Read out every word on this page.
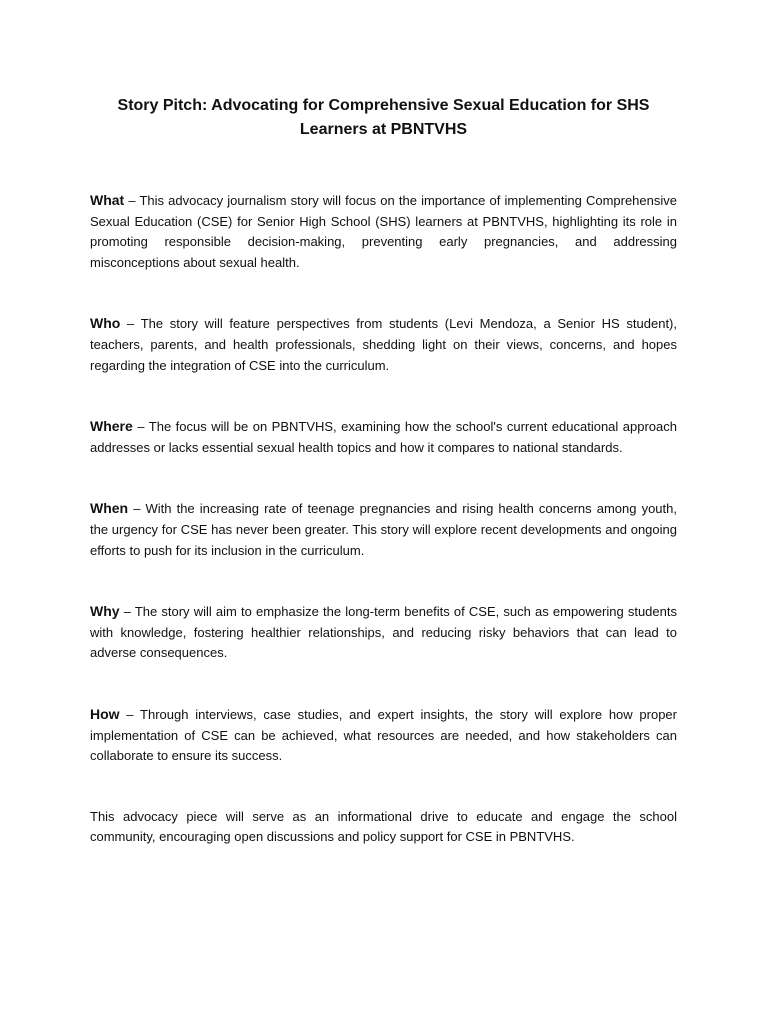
Story Pitch: Advocating for Comprehensive Sexual Education for SHS Learners at PBNTVHS

What – This advocacy journalism story will focus on the importance of implementing Comprehensive Sexual Education (CSE) for Senior High School (SHS) learners at PBNTVHS, highlighting its role in promoting responsible decision-making, preventing early pregnancies, and addressing misconceptions about sexual health.

Who – The story will feature perspectives from students (Levi Mendoza, a Senior HS student), teachers, parents, and health professionals, shedding light on their views, concerns, and hopes regarding the integration of CSE into the curriculum.

Where – The focus will be on PBNTVHS, examining how the school's current educational approach addresses or lacks essential sexual health topics and how it compares to national standards.

When – With the increasing rate of teenage pregnancies and rising health concerns among youth, the urgency for CSE has never been greater. This story will explore recent developments and ongoing efforts to push for its inclusion in the curriculum.

Why – The story will aim to emphasize the long-term benefits of CSE, such as empowering students with knowledge, fostering healthier relationships, and reducing risky behaviors that can lead to adverse consequences.

How – Through interviews, case studies, and expert insights, the story will explore how proper implementation of CSE can be achieved, what resources are needed, and how stakeholders can collaborate to ensure its success.

This advocacy piece will serve as an informational drive to educate and engage the school community, encouraging open discussions and policy support for CSE in PBNTVHS.
